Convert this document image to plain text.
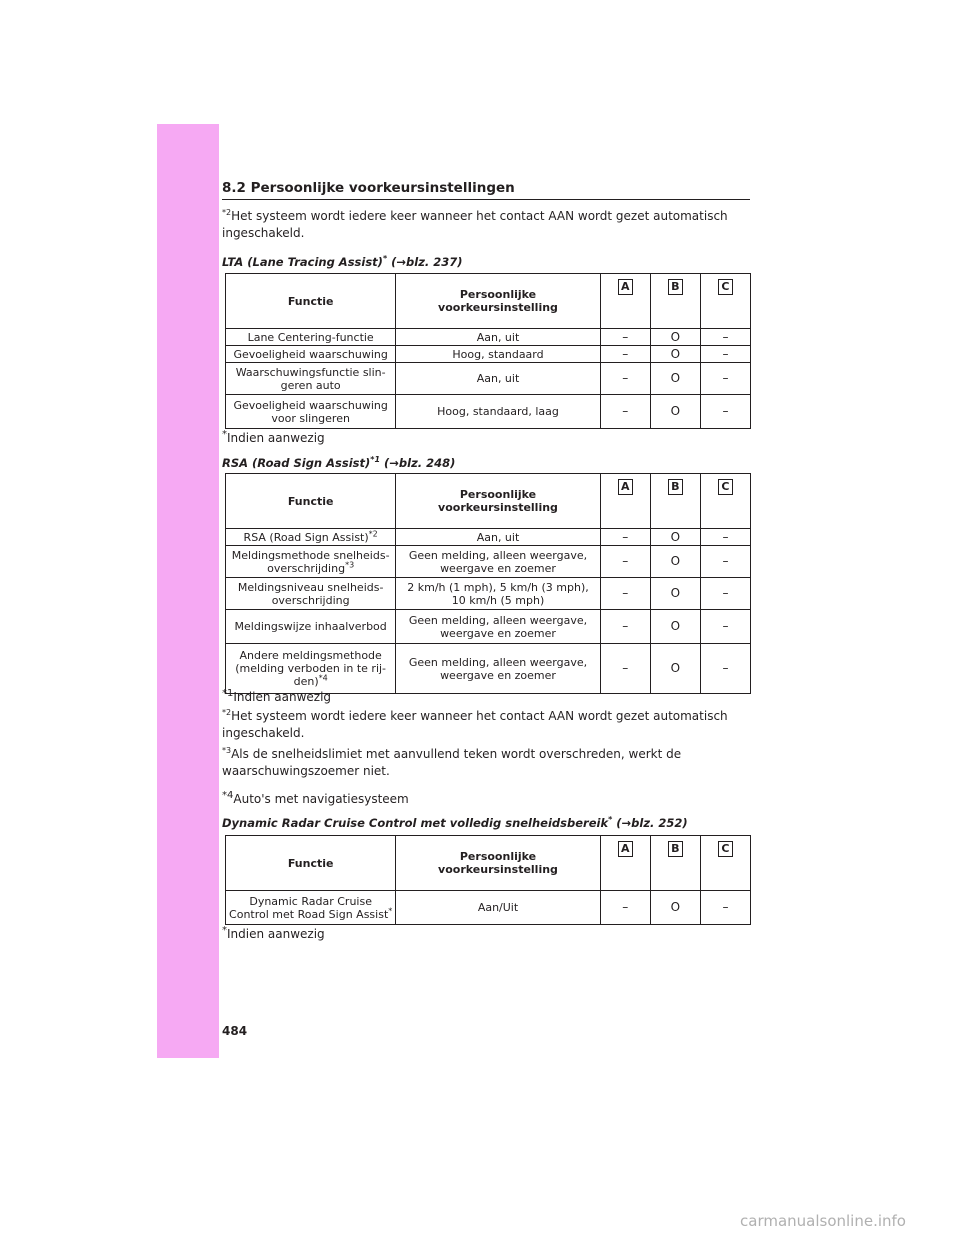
8.2 Persoonlijke voorkeursinstellingen
$^{*2}$Het systeem wordt iedere keer wanneer het contact AAN wordt gezet automatisch ingeschakeld.
LTA (Lane Tracing Assist)* (→blz. 237)
Functie	Persoonlijke voorkeursinstelling	A	B	C
Lane Centering-functie	Aan, uit	–	O	–
Gevoeligheid waarschuwing	Hoog, standaard	–	O	–
Waarschuwingsfunctie slin-geren auto	Aan, uit	–	O	–
Gevoeligheid waarschuwing voor slingeren	Hoog, standaard, laag	–	O	–
*Indien aanwezig
RSA (Road Sign Assist)$^{*1}$ (→blz. 248)
Functie	Persoonlijke voorkeursinstelling	A	B	C
RSA (Road Sign Assist)$^{*2}$	Aan, uit	–	O	–
Meldingsmethode snelheids-overschrijding$^{*3}$	Geen melding, alleen weergave, weergave en zoemer	–	O	–
Meldingsniveau snelheids-overschrijding	2 km/h (1 mph), 5 km/h (3 mph), 10 km/h (5 mph)	–	O	–
Meldingswijze inhaalverbod	Geen melding, alleen weergave, weergave en zoemer	–	O	–
Andere meldingsmethode (melding verboden in te rij-den)$^{*4}$	Geen melding, alleen weergave, weergave en zoemer	–	O	–
$^{*1}$Indien aanwezig
$^{*2}$Het systeem wordt iedere keer wanneer het contact AAN wordt gezet automatisch ingeschakeld.
$^{*3}$Als de snelheidslimiet met aanvullend teken wordt overschreden, werkt de waarschuwingszoemer niet.
$^{*4}$Auto's met navigatiesysteem
Dynamic Radar Cruise Control met volledig snelheidsbereik* (→blz. 252)
Functie	Persoonlijke voorkeursinstelling	A	B	C
Dynamic Radar Cruise Control met Road Sign Assist*	Aan/Uit	–	O	–
*Indien aanwezig
484
carmanualsonline.info
